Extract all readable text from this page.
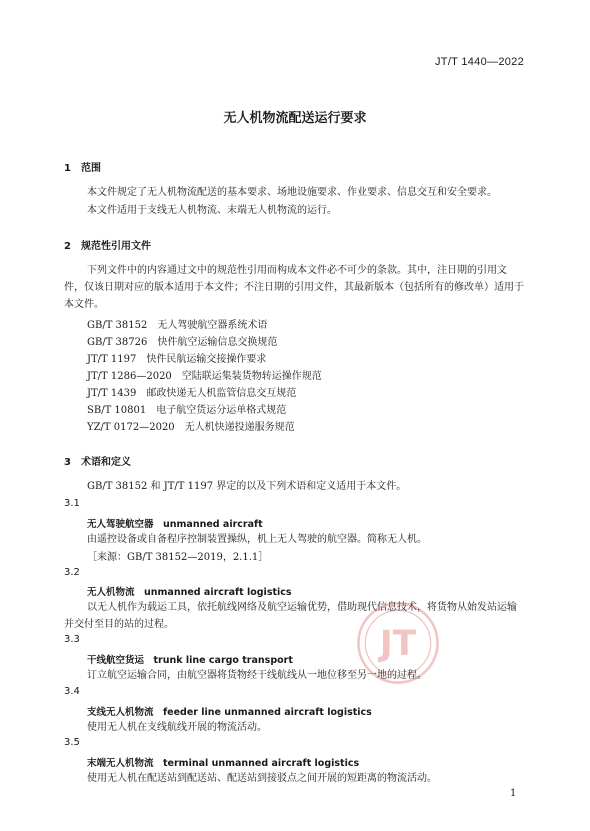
JT/T 1440—2022
无人机物流配送运行要求
1　范围
本文件规定了无人机物流配送的基本要求、场地设施要求、作业要求、信息交互和安全要求。
本文件适用于支线无人机物流、末端无人机物流的运行。
2　规范性引用文件
下列文件中的内容通过文中的规范性引用而构成本文件必不可少的条款。其中，注日期的引用文
件，仅该日期对应的版本适用于本文件；不注日期的引用文件，其最新版本（包括所有的修改单）适用于
本文件。
GB/T 38152　无人驾驶航空器系统术语
GB/T 38726　快件航空运输信息交换规范
JT/T 1197　快件民航运输交接操作要求
JT/T 1286—2020　空陆联运集装货物转运操作规范
JT/T 1439　邮政快递无人机监管信息交互规范
SB/T 10801　电子航空货运分运单格式规范
YZ/T 0172—2020　无人机快递投递服务规范
3　术语和定义
GB/T 38152 和 JT/T 1197 界定的以及下列术语和定义适用于本文件。
3.1
无人驾驶航空器　unmanned aircraft
由遥控设备或自备程序控制装置操纵，机上无人驾驶的航空器。简称无人机。
［来源：GB/T 38152—2019，2.1.1］
3.2
无人机物流　unmanned aircraft logistics
以无人机作为载运工具，依托航线网络及航空运输优势，借助现代信息技术，将货物从始发站运输
并交付至目的站的过程。
3.3
干线航空货运　trunk line cargo transport
订立航空运输合同，由航空器将货物经干线航线从一地位移至另一地的过程。
3.4
支线无人机物流　feeder line unmanned aircraft logistics
使用无人机在支线航线开展的物流活动。
3.5
末端无人机物流　terminal unmanned aircraft logistics
使用无人机在配送站到配送站、配送站到接驳点之间开展的短距离的物流活动。
JT
1
